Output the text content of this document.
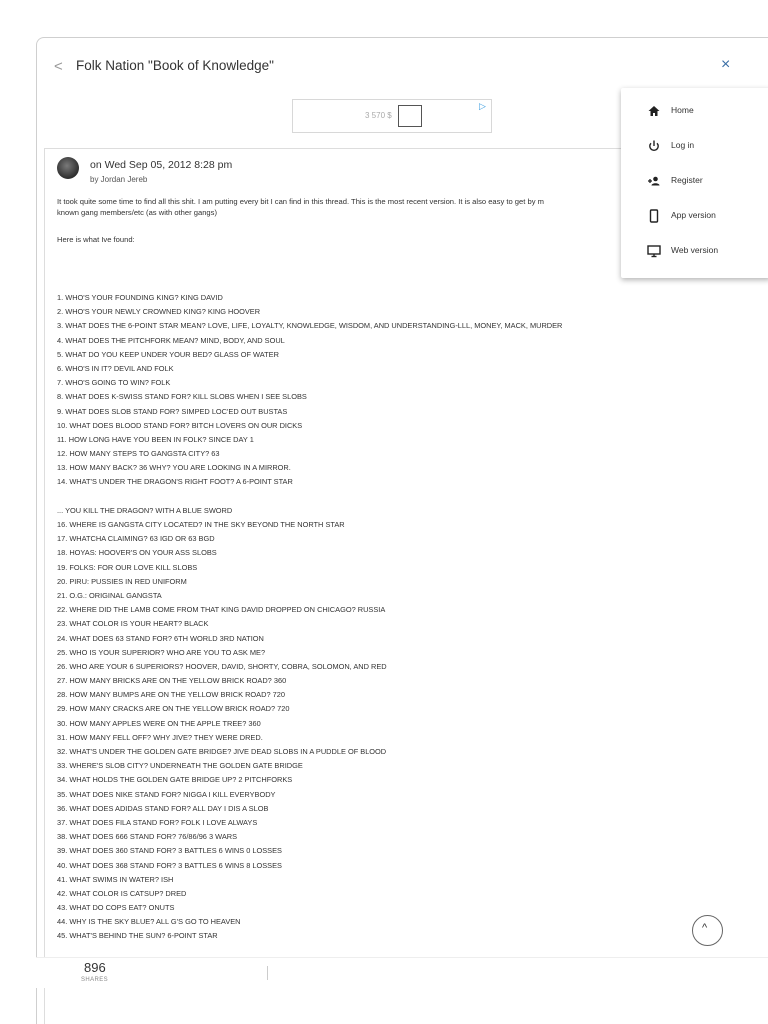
< Folk Nation "Book of Knowledge"	×
3 570 $
▷
on Wed Sep 05, 2012 8:28 pm
by Jordan Jereb
It took quite some time to find all this shit. I am putting every bit I can find in this thread. This is the most recent version. It is also easy to get by m
known gang members/etc (as with other gangs)
Here is what Ive found:
1. WHO'S YOUR FOUNDING KING? KING DAVID
2. WHO'S YOUR NEWLY CROWNED KING? KING HOOVER
3. WHAT DOES THE 6-POINT STAR MEAN? LOVE, LIFE, LOYALTY, KNOWLEDGE, WISDOM, AND UNDERSTANDING-LLL, MONEY, MACK, MURDER
4. WHAT DOES THE PITCHFORK MEAN? MIND, BODY, AND SOUL
5. WHAT DO YOU KEEP UNDER YOUR BED? GLASS OF WATER
6. WHO'S IN IT? DEVIL AND FOLK
7. WHO'S GOING TO WIN? FOLK
8. WHAT DOES K-SWISS STAND FOR? KILL SLOBS WHEN I SEE SLOBS
9. WHAT DOES SLOB STAND FOR? SIMPED LOC'ED OUT BUSTAS
10. WHAT DOES BLOOD STAND FOR? BITCH LOVERS ON OUR DICKS
11. HOW LONG HAVE YOU BEEN IN FOLK? SINCE DAY 1
12. HOW MANY STEPS TO GANGSTA CITY? 63
13. HOW MANY BACK? 36 WHY? YOU ARE LOOKING IN A MIRROR.
14. WHAT'S UNDER THE DRAGON'S RIGHT FOOT? A 6-POINT STAR
... YOU KILL THE DRAGON? WITH A BLUE SWORD
16. WHERE IS GANGSTA CITY LOCATED? IN THE SKY BEYOND THE NORTH STAR
17. WHATCHA CLAIMING? 63 IGD OR 63 BGD
18. HOYAS: HOOVER'S ON YOUR ASS SLOBS
19. FOLKS: FOR OUR LOVE KILL SLOBS
20. PIRU: PUSSIES IN RED UNIFORM
21. O.G.: ORIGINAL GANGSTA
22. WHERE DID THE LAMB COME FROM THAT KING DAVID DROPPED ON CHICAGO? RUSSIA
23. WHAT COLOR IS YOUR HEART? BLACK
24. WHAT DOES 63 STAND FOR? 6TH WORLD 3RD NATION
25. WHO IS YOUR SUPERIOR? WHO ARE YOU TO ASK ME?
26. WHO ARE YOUR 6 SUPERIORS? HOOVER, DAVID, SHORTY, COBRA, SOLOMON, AND RED
27. HOW MANY BRICKS ARE ON THE YELLOW BRICK ROAD? 360
28. HOW MANY BUMPS ARE ON THE YELLOW BRICK ROAD? 720
29. HOW MANY CRACKS ARE ON THE YELLOW BRICK ROAD? 720
30. HOW MANY APPLES WERE ON THE APPLE TREE? 360
31. HOW MANY FELL OFF? WHY JIVE? THEY WERE DRED.
32. WHAT'S UNDER THE GOLDEN GATE BRIDGE? JIVE DEAD SLOBS IN A PUDDLE OF BLOOD
33. WHERE'S SLOB CITY? UNDERNEATH THE GOLDEN GATE BRIDGE
34. WHAT HOLDS THE GOLDEN GATE BRIDGE UP? 2 PITCHFORKS
35. WHAT DOES NIKE STAND FOR? NIGGA I KILL EVERYBODY
36. WHAT DOES ADIDAS STAND FOR? ALL DAY I DIS A SLOB
37. WHAT DOES FILA STAND FOR? FOLK I LOVE ALWAYS
38. WHAT DOES 666 STAND FOR? 76/86/96 3 WARS
39. WHAT DOES 360 STAND FOR? 3 BATTLES 6 WINS 0 LOSSES
40. WHAT DOES 368 STAND FOR? 3 BATTLES 6 WINS 8 LOSSES
41. WHAT SWIMS IN WATER? ISH
42. WHAT COLOR IS CATSUP? DRED
43. WHAT DO COPS EAT? ONUTS
44. WHY IS THE SKY BLUE? ALL G'S GO TO HEAVEN
45. WHAT'S BEHIND THE SUN? 6-POINT STAR
Home
Log in
Register
App version
Web version
^
896
SHARES
